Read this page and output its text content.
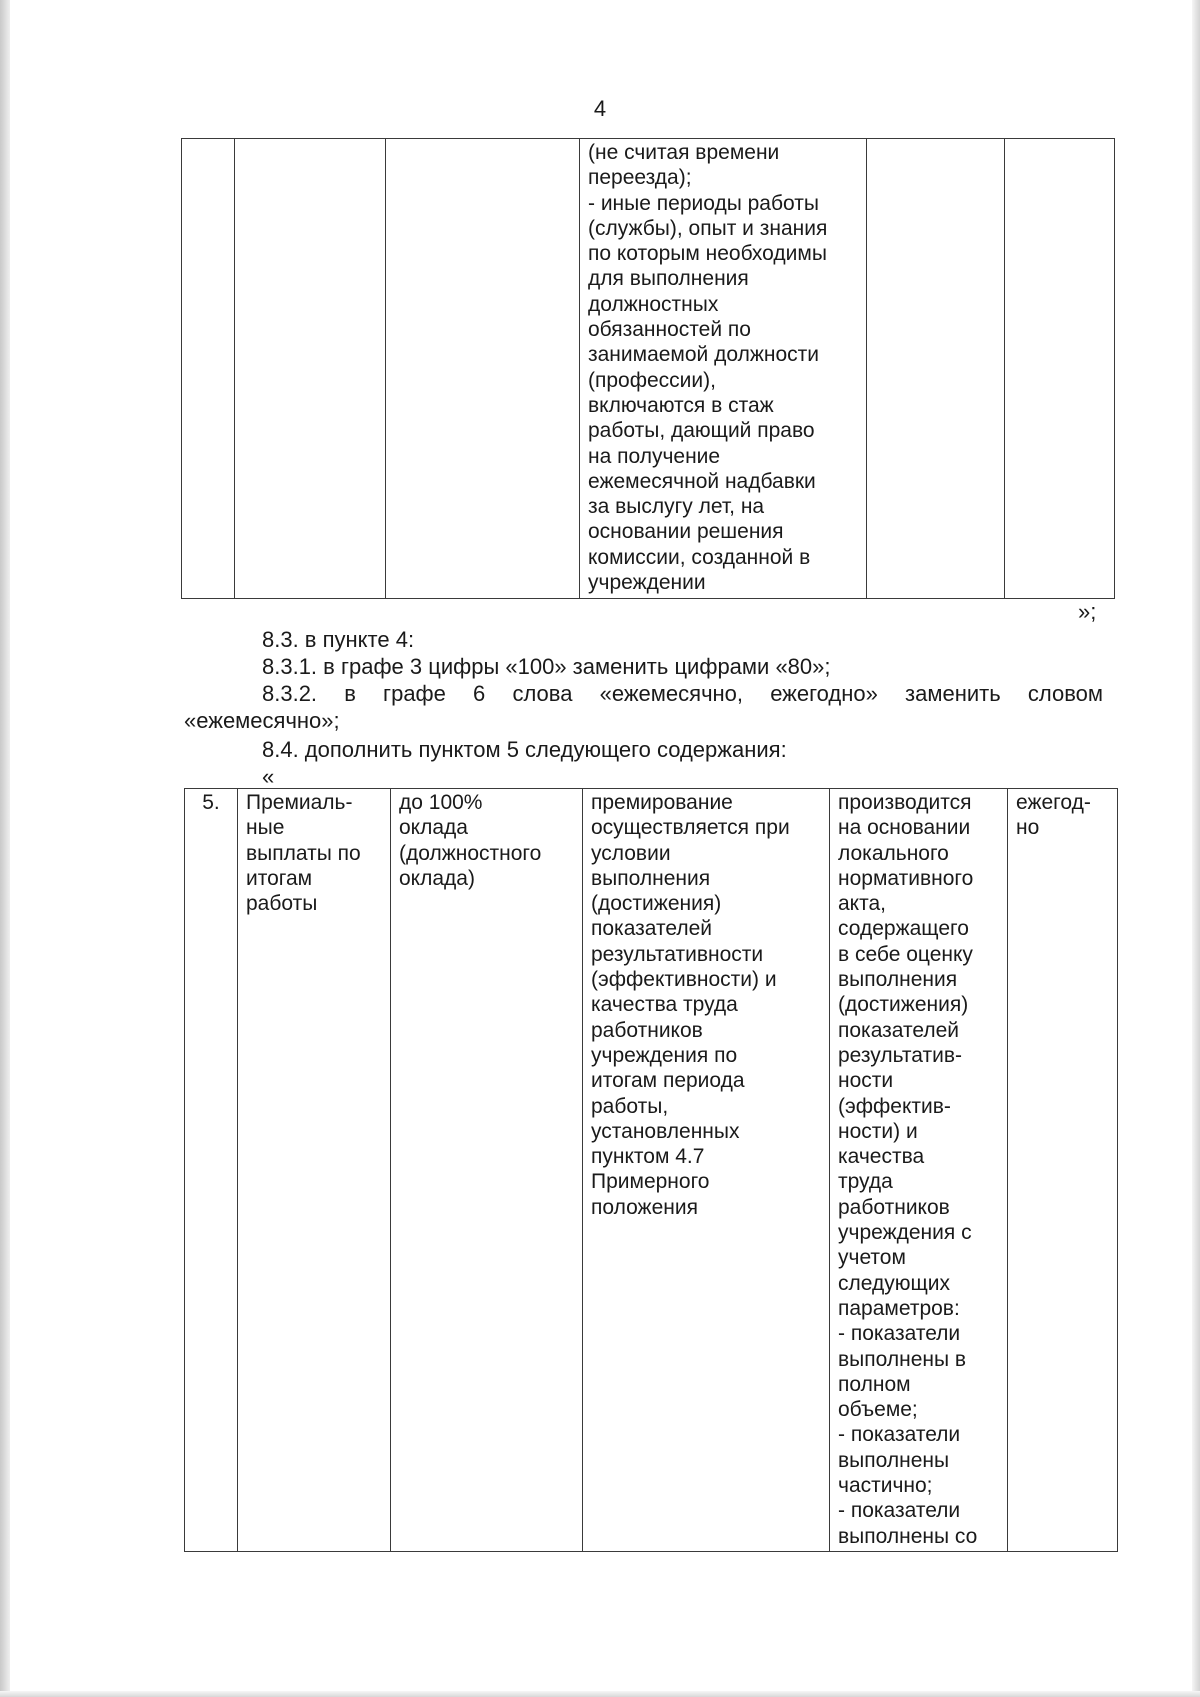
4
			(не считая времени
переезда);
- иные периоды работы
(службы), опыт и знания
по которым необходимы
для выполнения
должностных
обязанностей по
занимаемой должности
(профессии),
включаются в стаж
работы, дающий право
на получение
ежемесячной надбавки
за выслугу лет, на
основании решения
комиссии, созданной в
учреждении		
»;
8.3. в пункте 4:
8.3.1. в графе 3 цифры «100» заменить цифрами «80»;
8.3.2. в графе 6 слова «ежемесячно, ежегодно» заменить словом
«ежемесячно»;
8.4. дополнить пунктом 5 следующего содержания:
«
5.	Премиаль-
ные
выплаты по
итогам
работы	до 100%
оклада
(должностного
оклада)	премирование
осуществляется при
условии
выполнения
(достижения)
показателей
результативности
(эффективности) и
качества труда
работников
учреждения по
итогам периода
работы,
установленных
пунктом 4.7
Примерного
положения	производится
на основании
локального
нормативного
акта,
содержащего
в себе оценку
выполнения
(достижения)
показателей
результатив-
ности
(эффектив-
ности) и
качества
труда
работников
учреждения с
учетом
следующих
параметров:
- показатели
выполнены в
полном
объеме;
- показатели
выполнены
частично;
- показатели
выполнены со	ежегод-
но
